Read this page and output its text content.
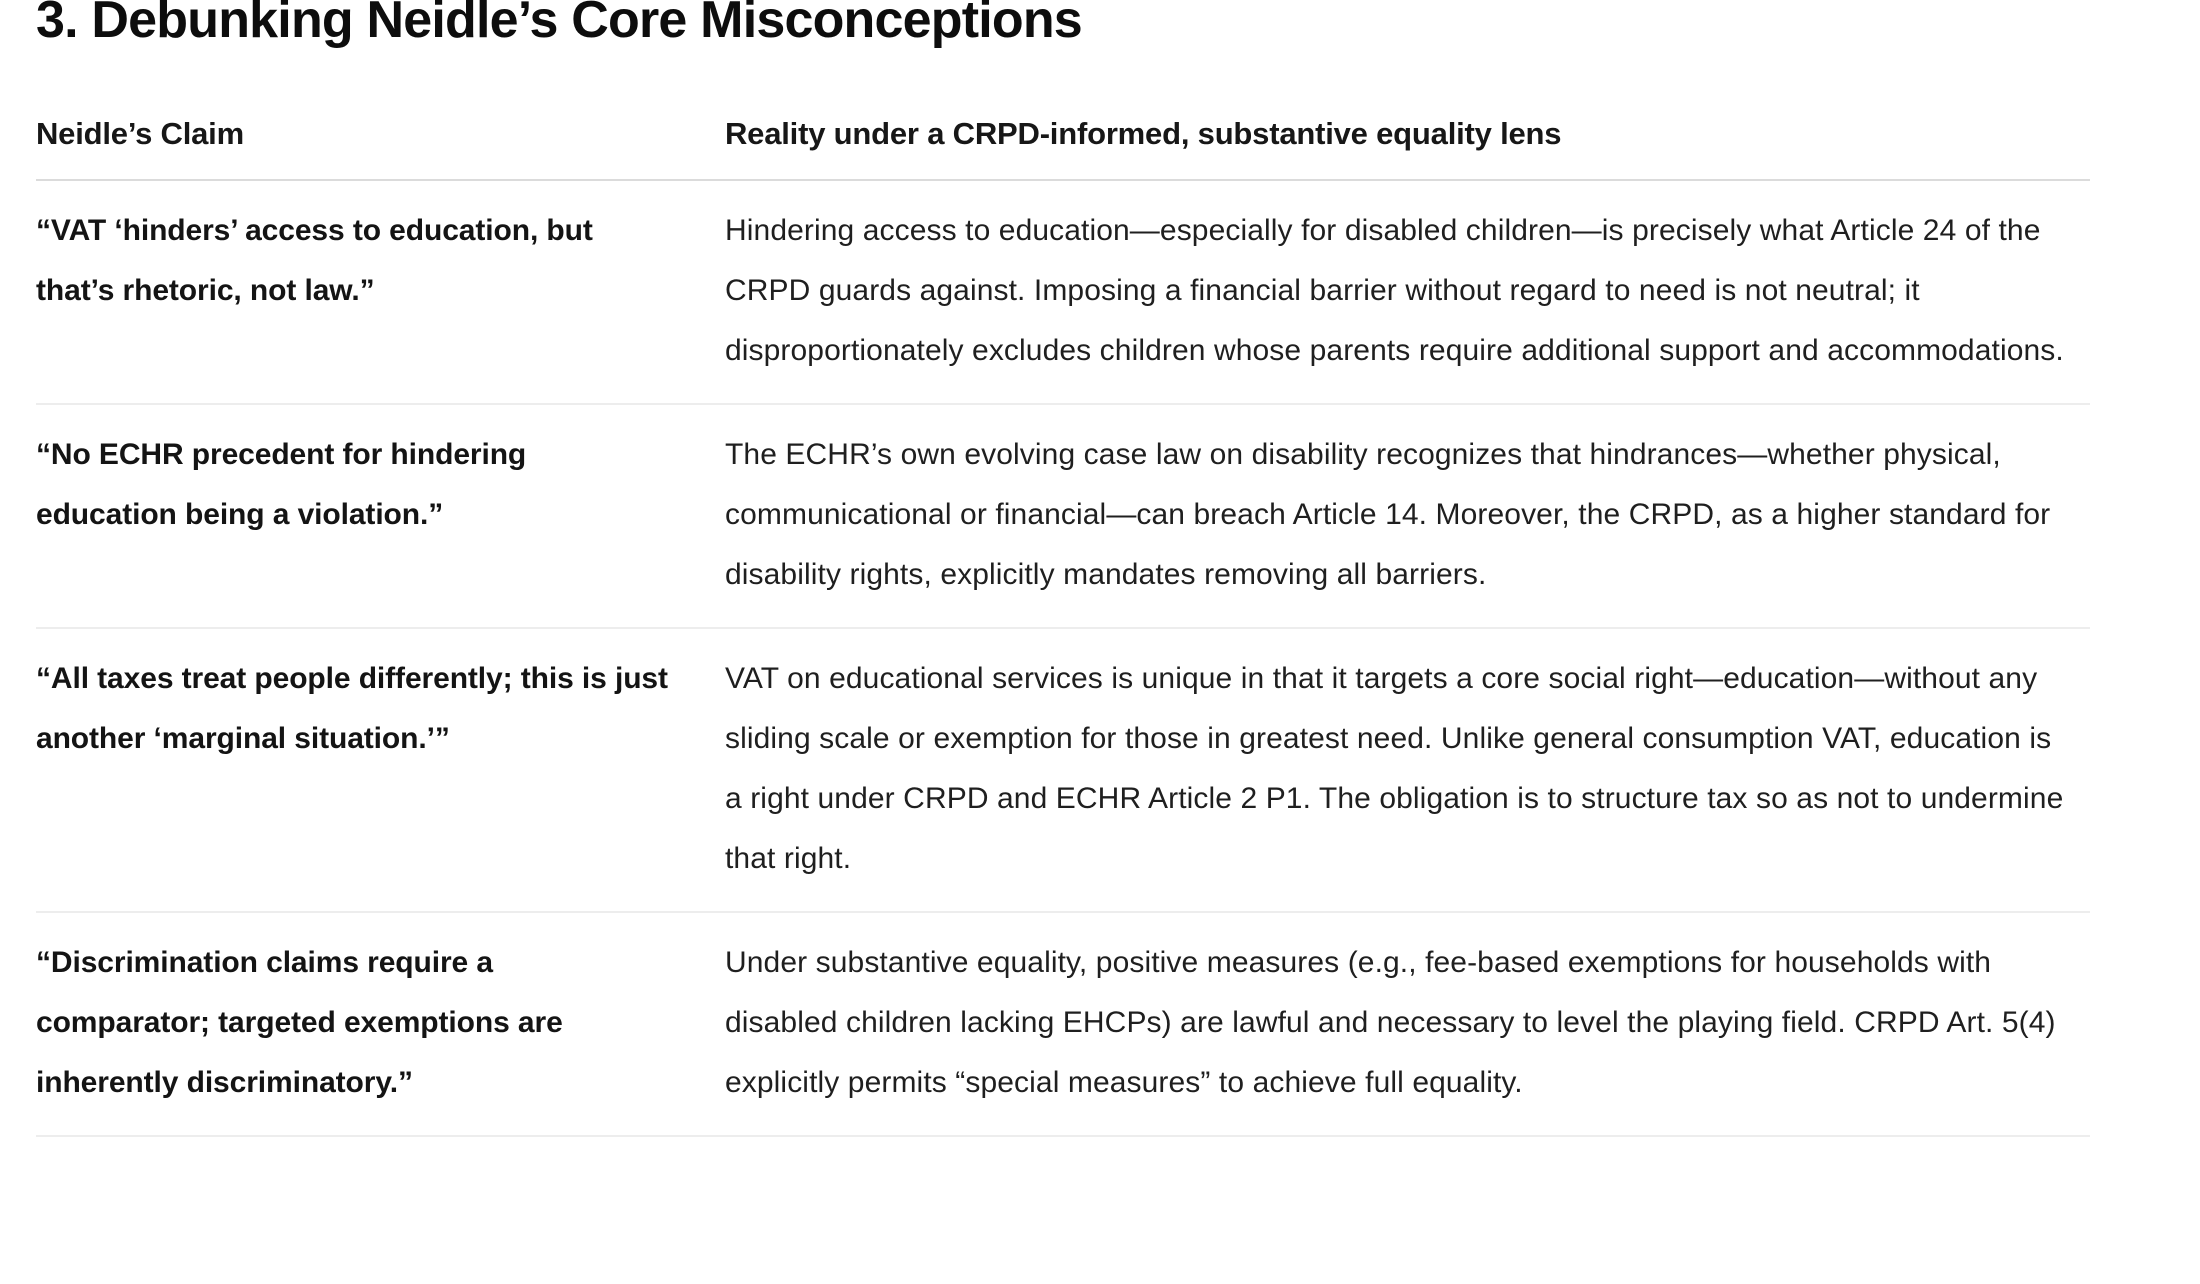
3. Debunking Neidle’s Core Misconceptions
Neidle’s Claim	Reality under a CRPD-informed, substantive equality lens
“VAT ‘hinders’ access to education, but that’s rhetoric, not law.”	Hindering access to education—especially for disabled children—is precisely what Article 24 of the CRPD guards against. Imposing a financial barrier without regard to need is not neutral; it disproportionately excludes children whose parents require additional support and accommodations.
“No ECHR precedent for hindering education being a violation.”	The ECHR’s own evolving case law on disability recognizes that hindrances—whether physical, communicational or financial—can breach Article 14. Moreover, the CRPD, as a higher standard for disability rights, explicitly mandates removing all barriers.
“All taxes treat people differently; this is just another ‘marginal situation.’”	VAT on educational services is unique in that it targets a core social right—education—without any sliding scale or exemption for those in greatest need. Unlike general consumption VAT, education is a right under CRPD and ECHR Article 2 P1. The obligation is to structure tax so as not to undermine that right.
“Discrimination claims require a comparator; targeted exemptions are inherently discriminatory.”	Under substantive equality, positive measures (e.g., fee-based exemptions for households with disabled children lacking EHCPs) are lawful and necessary to level the playing field. CRPD Art. 5(4) explicitly permits “special measures” to achieve full equality.
